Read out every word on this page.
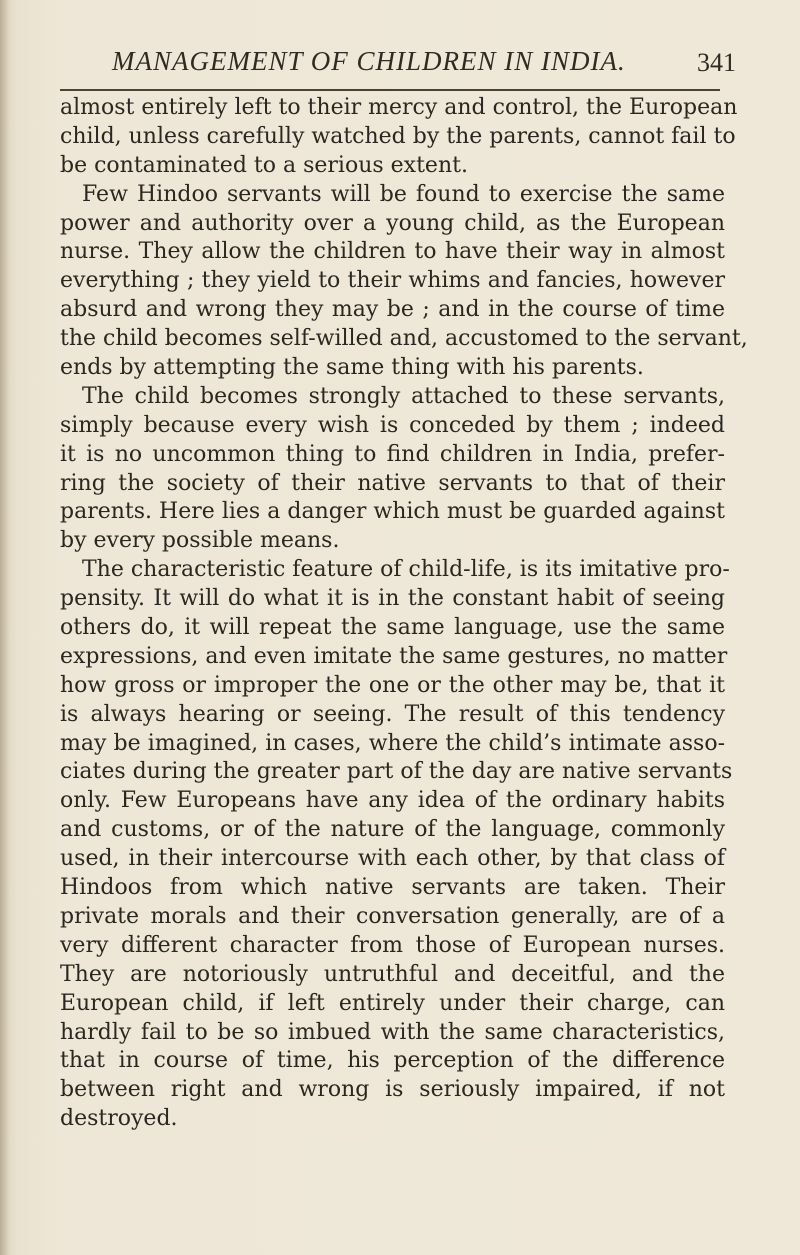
MANAGEMENT OF CHILDREN IN INDIA.	341
almost entirely left to their mercy and control, the European
child, unless carefully watched by the parents, cannot fail to
be contaminated to a serious extent.
Few Hindoo servants will be found to exercise the same
power and authority over a young child, as the European
nurse. They allow the children to have their way in almost
everything ; they yield to their whims and fancies, however
absurd and wrong they may be ; and in the course of time
the child becomes self-willed and, accustomed to the servant,
ends by attempting the same thing with his parents.
The child becomes strongly attached to these servants,
simply because every wish is conceded by them ; indeed
it is no uncommon thing to find children in India, prefer-
ring the society of their native servants to that of their
parents. Here lies a danger which must be guarded against
by every possible means.
The characteristic feature of child-life, is its imitative pro-
pensity. It will do what it is in the constant habit of seeing
others do, it will repeat the same language, use the same
expressions, and even imitate the same gestures, no matter
how gross or improper the one or the other may be, that it
is always hearing or seeing. The result of this tendency
may be imagined, in cases, where the child’s intimate asso-
ciates during the greater part of the day are native servants
only. Few Europeans have any idea of the ordinary habits
and customs, or of the nature of the language, commonly
used, in their intercourse with each other, by that class of
Hindoos from which native servants are taken. Their
private morals and their conversation generally, are of a
very different character from those of European nurses.
They are notoriously untruthful and deceitful, and the
European child, if left entirely under their charge, can
hardly fail to be so imbued with the same characteristics,
that in course of time, his perception of the difference
between right and wrong is seriously impaired, if not
destroyed.
